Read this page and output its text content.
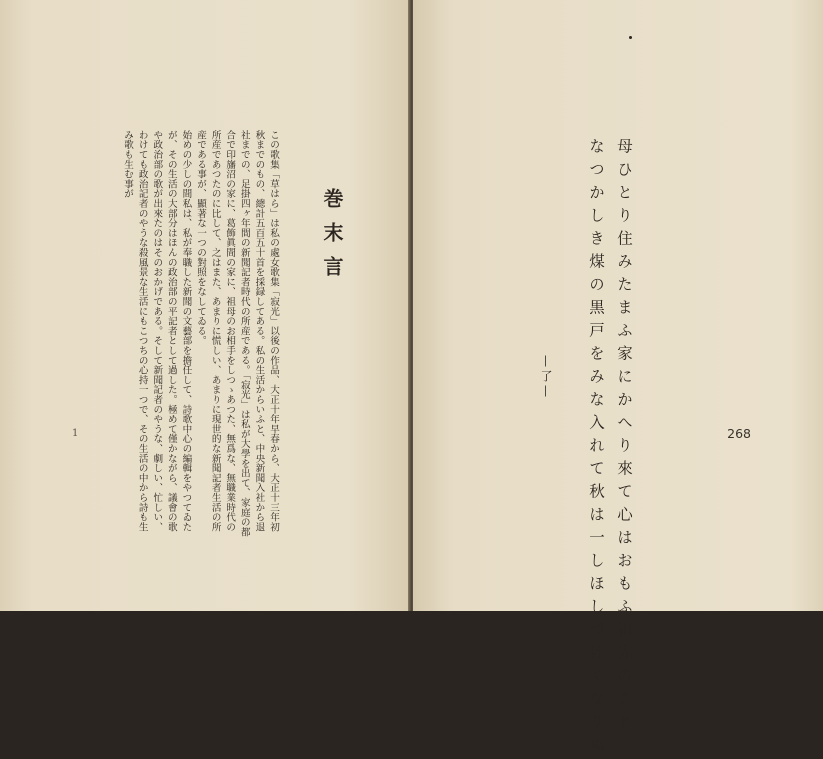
巻末言

この歌集「草はら」は私の處女歌集「寂光」以後の作品、大正十年早春から、大正十三年初秋までのもの、總計五百五十首を採録してある。私の生活からいふと、中央新聞入社から退社までの、足掛四ヶ年間の新聞記者時代の所産である。「寂光」は私が大學を出て、家庭の都合で印旛沼の家に、葛飾眞間の家に、祖母のお相手をしつゝあつた、無爲な、無職業時代の所産であつたのに比して、之はまた、あまりに慌しい、あまりに現世的な新聞記者生活の所産である事が、顯著な一つの對照をなしてゐる。

始めの少しの間私は、私が奉職した新聞の文藝部を擔任して、詩歌中心の編輯をやつてゐたが、その生活の大部分はほんの政治部の平記者として過した。極めて僅かながら、議會の歌や政治部の歌が出來たのはそのおかげである。そして新聞記者のやうな、劇しい、忙しい、わけても政治記者のやうな殺風景な生活にもこつちの心持一つで、その生活の中から詩も生み歌も生む事が

1	母ひとり住みたまふ家にかへり來て心はおもふ祖先のこと

なつかしき煤の黒戸をみな入れて秋は一しほしづけくなりぬ

—了—
268
